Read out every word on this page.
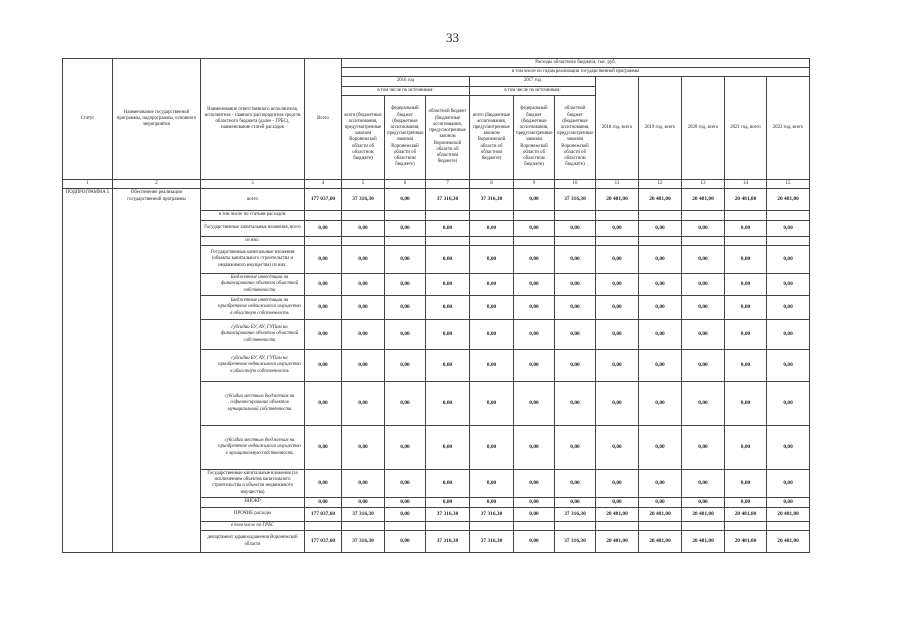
33
Статус	Наименование государственной программы, подпрограммы, основного мероприятия	Наименование ответственного исполнителя, исполнителя - главного распорядителя средств областного бюджета (далее - ГРБС), наименование статей расходов	Всего	Расходы областного бюджета, тыс. руб.										
				в том числе по годам реализации государственной программы										
				2016 год			2017 год			2018 год, всего	2019 год, всего	2020 год, всего	2021 год, всего	2022 год, всего
				в том числе по источникам:			в том числе по источникам:							
				всего (бюджетные ассигнования, предусмотренные законом Воронежской области об областном бюджете)	федеральный бюджет (бюджетные ассигнования, предусмотренные законом Воронежской области об областном бюджете)	областной бюджет (бюджетные ассигнования, предусмотренные законом Воронежской области об областном бюджете)	всего (бюджетные ассигнования, предусмотренные законом Воронежской области об областном бюджете)	федеральный бюджет (бюджетные ассигнования, предусмотренные законом Воронежской области об областном бюджете)	областной бюджет (бюджетные ассигнования, предусмотренные законом Воронежской области об областном бюджете)					
1	2	3	4	5	6	7	8	9	10	11	12	13	14	15
ПОДПРОГРАММА 5	Обеспечение реализации государственной программы	всего	177 037,60	37 316,30	0,00	37 316,30	37 316,30	0,00	37 316,30	20 481,00	20 481,00	20 481,00	20 481,00	20 481,00
		в том числе по статьям расходов:												
		Государственные капитальные вложения, всего	0,00	0,00	0,00	0,00	0,00	0,00	0,00	0,00	0,00	0,00	0,00	0,00
		из них:												
		Государственные капитальные вложения (объекты капитального строительства и недвижимого имущества) из них:	0,00	0,00	0,00	0,00	0,00	0,00	0,00	0,00	0,00	0,00	0,00	0,00
		Бюджетные инвестиции на финансирование объектов областной собственности	0,00	0,00	0,00	0,00	0,00	0,00	0,00	0,00	0,00	0,00	0,00	0,00
		Бюджетные инвестиции на приобретение недвижимого имущества в областную собственность	0,00	0,00	0,00	0,00	0,00	0,00	0,00	0,00	0,00	0,00	0,00	0,00
		субсидии БУ, АУ, ГУПам на финансирование объектов областной собственности	0,00	0,00	0,00	0,00	0,00	0,00	0,00	0,00	0,00	0,00	0,00	0,00
		субсидии БУ, АУ, ГУПам на приобретение недвижимого имущества в областную собственность	0,00	0,00	0,00	0,00	0,00	0,00	0,00	0,00	0,00	0,00	0,00	0,00
		субсидии местным бюджетам на софинансирование объектов муниципальной собственности	0,00	0,00	0,00	0,00	0,00	0,00	0,00	0,00	0,00	0,00	0,00	0,00
		субсидии местным бюджетам на приобретение недвижимого имущества в муниципальную собственность	0,00	0,00	0,00	0,00	0,00	0,00	0,00	0,00	0,00	0,00	0,00	0,00
		Государственные капитальные вложения (за исключением объектов капитального строительства и объектов недвижимого имущества)	0,00	0,00	0,00	0,00	0,00	0,00	0,00	0,00	0,00	0,00	0,00	0,00
		НИОКР	0,00	0,00	0,00	0,00	0,00	0,00	0,00	0,00	0,00	0,00	0,00	0,00
		ПРОЧИЕ расходы	177 037,60	37 316,30	0,00	37 316,30	37 316,30	0,00	37 316,30	20 481,00	20 481,00	20 481,00	20 481,00	20 481,00
		в том числе по ГРБС												
		департамент здравоохранения Воронежской области	177 037,60	37 316,30	0,00	37 316,30	37 316,30	0,00	37 316,30	20 481,00	20 481,00	20 481,00	20 481,00	20 481,00
